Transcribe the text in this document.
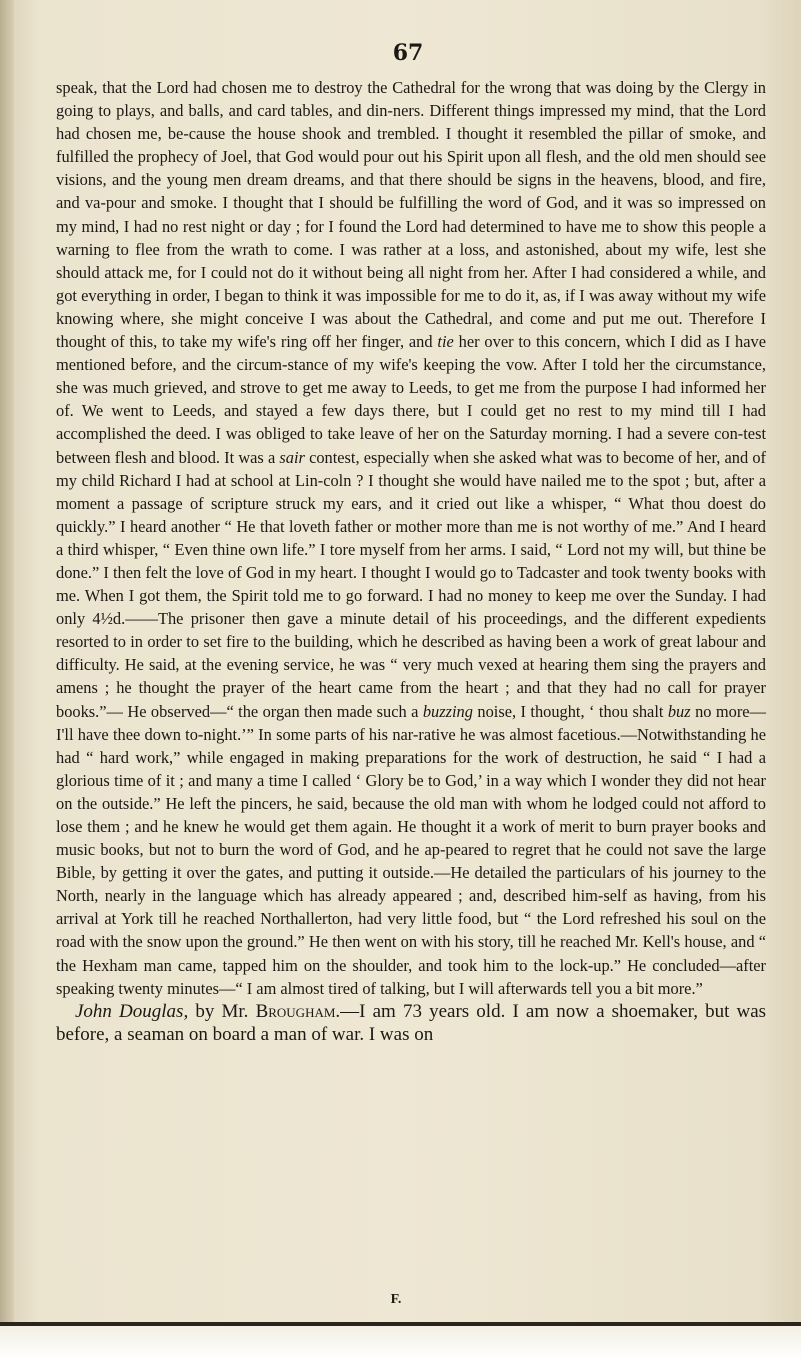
67

speak, that the Lord had chosen me to destroy the Cathedral for the wrong that was doing by the Clergy in going to plays, and balls, and card tables, and din-ners. Different things impressed my mind, that the Lord had chosen me, be-cause the house shook and trembled. I thought it resembled the pillar of smoke, and fulfilled the prophecy of Joel, that God would pour out his Spirit upon all flesh, and the old men should see visions, and the young men dream dreams, and that there should be signs in the heavens, blood, and fire, and va-pour and smoke. I thought that I should be fulfilling the word of God, and it was so impressed on my mind, I had no rest night or day ; for I found the Lord had determined to have me to show this people a warning to flee from the wrath to come. I was rather at a loss, and astonished, about my wife, lest she should attack me, for I could not do it without being all night from her. After I had considered a while, and got everything in order, I began to think it was impossible for me to do it, as, if I was away without my wife knowing where, she might conceive I was about the Cathedral, and come and put me out. Therefore I thought of this, to take my wife's ring off her finger, and tie her over to this concern, which I did as I have mentioned before, and the circum-stance of my wife's keeping the vow. After I told her the circumstance, she was much grieved, and strove to get me away to Leeds, to get me from the purpose I had informed her of. We went to Leeds, and stayed a few days there, but I could get no rest to my mind till I had accomplished the deed. I was obliged to take leave of her on the Saturday morning. I had a severe con-test between flesh and blood. It was a sair contest, especially when she asked what was to become of her, and of my child Richard I had at school at Lin-coln ? I thought she would have nailed me to the spot ; but, after a moment a passage of scripture struck my ears, and it cried out like a whisper, “ What thou doest do quickly.” I heard another “ He that loveth father or mother more than me is not worthy of me.” And I heard a third whisper, “ Even thine own life.” I tore myself from her arms. I said, “ Lord not my will, but thine be done.” I then felt the love of God in my heart. I thought I would go to Tadcaster and took twenty books with me. When I got them, the Spirit told me to go forward. I had no money to keep me over the Sunday. I had only 4½d.——The prisoner then gave a minute detail of his proceedings, and the different expedients resorted to in order to set fire to the building, which he described as having been a work of great labour and difficulty. He said, at the evening service, he was “ very much vexed at hearing them sing the prayers and amens ; he thought the prayer of the heart came from the heart ; and that they had no call for prayer books.”— He observed—“ the organ then made such a buzzing noise, I thought, ‘ thou shalt buz no more—I'll have thee down to-night.’” In some parts of his nar-rative he was almost facetious.—Notwithstanding he had “ hard work,” while engaged in making preparations for the work of destruction, he said “ I had a glorious time of it ; and many a time I called ‘ Glory be to God,’ in a way which I wonder they did not hear on the outside.” He left the pincers, he said, because the old man with whom he lodged could not afford to lose them ; and he knew he would get them again. He thought it a work of merit to burn prayer books and music books, but not to burn the word of God, and he ap-peared to regret that he could not save the large Bible, by getting it over the gates, and putting it outside.—He detailed the particulars of his journey to the North, nearly in the language which has already appeared ; and, described him-self as having, from his arrival at York till he reached Northallerton, had very little food, but “ the Lord refreshed his soul on the road with the snow upon the ground.” He then went on with his story, till he reached Mr. Kell's house, and “ the Hexham man came, tapped him on the shoulder, and took him to the lock-up.” He concluded—after speaking twenty minutes—“ I am almost tired of talking, but I will afterwards tell you a bit more.”

 John Douglas, by Mr. Brougham.—I am 73 years old. I am now a shoemaker, but was before, a seaman on board a man of war. I was on

F.
